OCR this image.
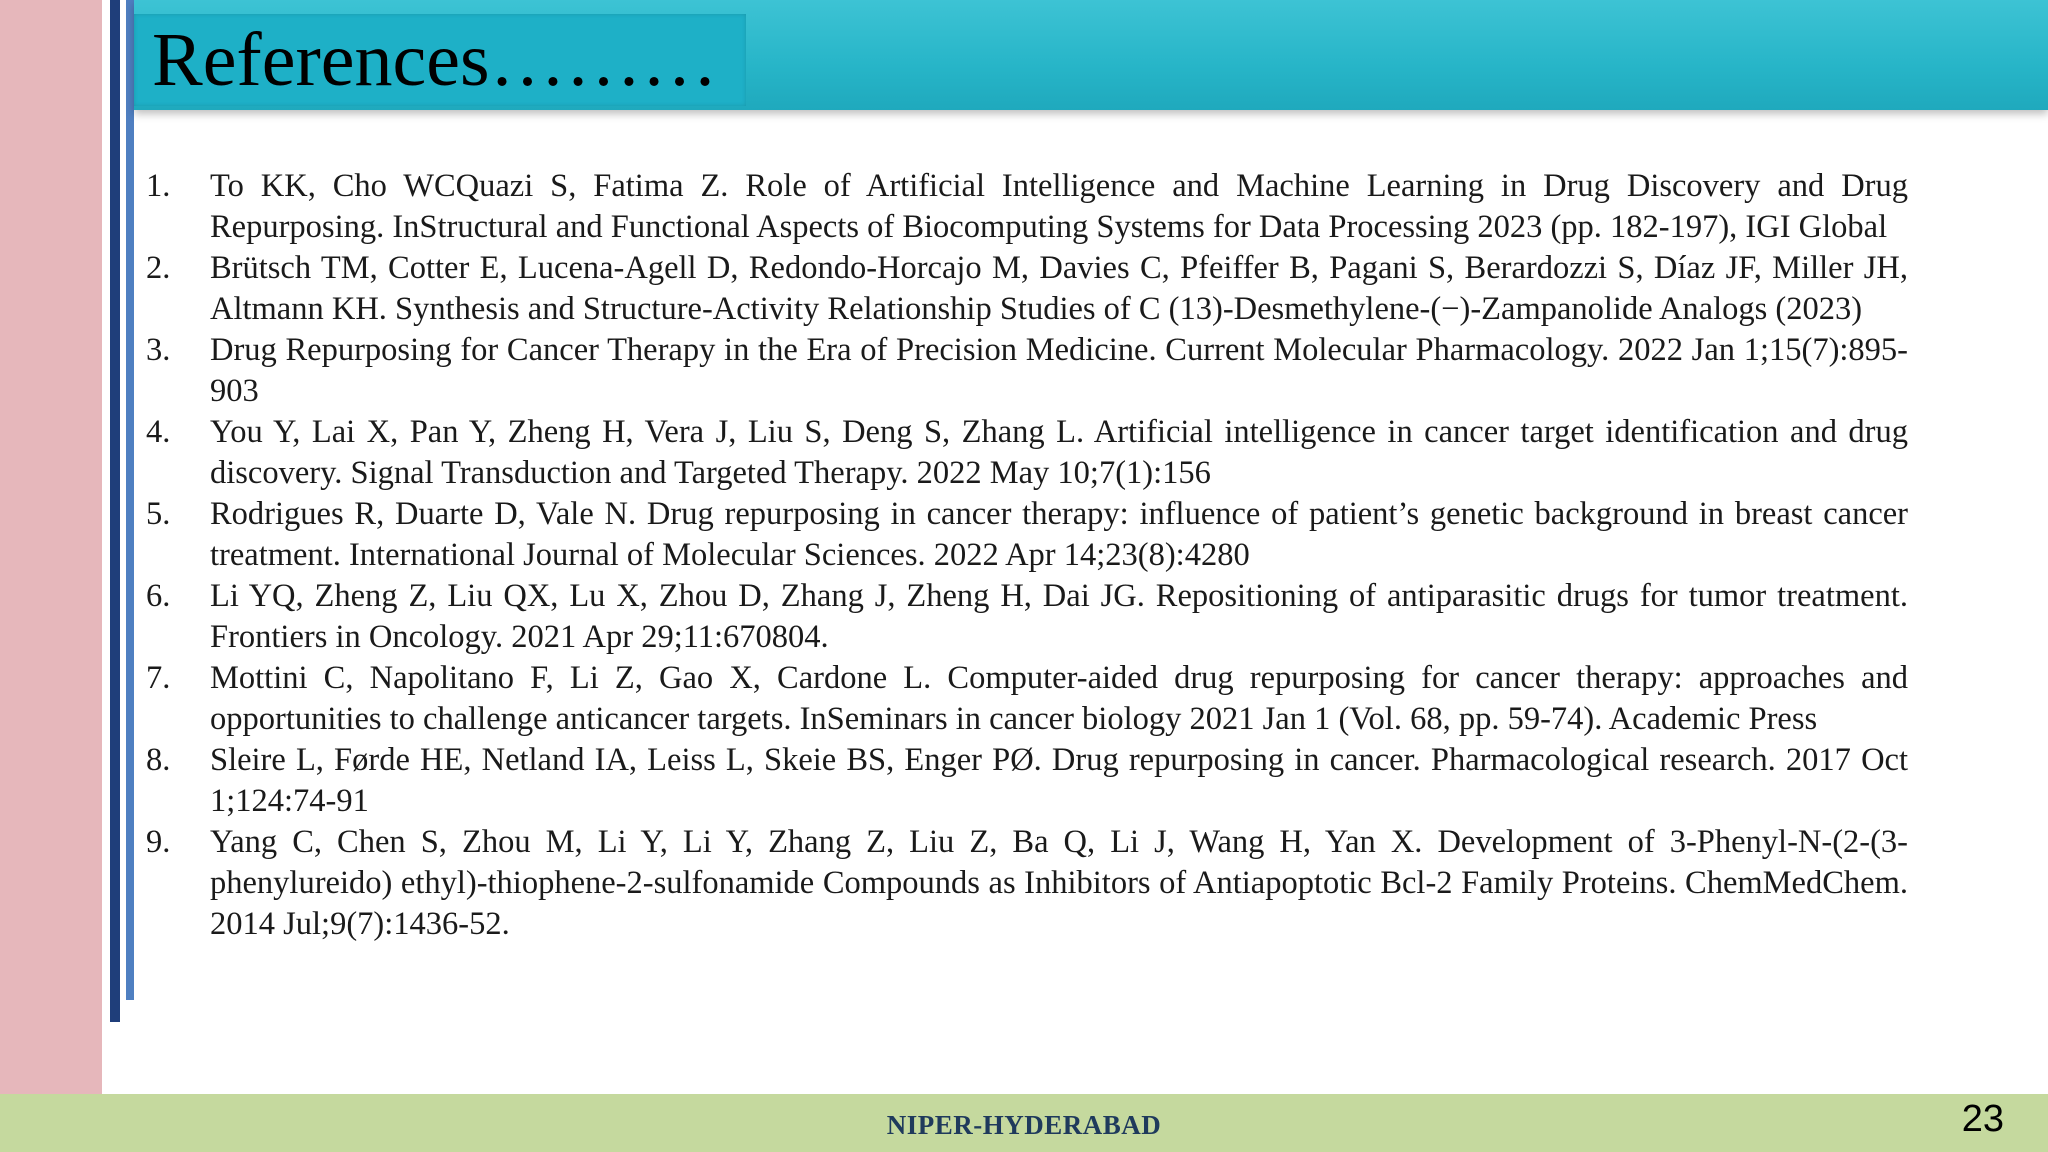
References………
1.	To KK, Cho WCQuazi S, Fatima Z. Role of Artificial Intelligence and Machine Learning in Drug Discovery and Drug Repurposing. InStructural and Functional Aspects of Biocomputing Systems for Data Processing 2023 (pp. 182-197), IGI Global
2.	Brütsch TM, Cotter E, Lucena-Agell D, Redondo-Horcajo M, Davies C, Pfeiffer B, Pagani S, Berardozzi S, Díaz JF, Miller JH, Altmann KH. Synthesis and Structure-Activity Relationship Studies of C (13)-Desmethylene-(−)-Zampanolide Analogs (2023)
3.	Drug Repurposing for Cancer Therapy in the Era of Precision Medicine. Current Molecular Pharmacology. 2022 Jan 1;15(7):895-903
4.	You Y, Lai X, Pan Y, Zheng H, Vera J, Liu S, Deng S, Zhang L. Artificial intelligence in cancer target identification and drug discovery. Signal Transduction and Targeted Therapy. 2022 May 10;7(1):156
5.	Rodrigues R, Duarte D, Vale N. Drug repurposing in cancer therapy: influence of patient’s genetic background in breast cancer treatment. International Journal of Molecular Sciences. 2022 Apr 14;23(8):4280
6.	Li YQ, Zheng Z, Liu QX, Lu X, Zhou D, Zhang J, Zheng H, Dai JG. Repositioning of antiparasitic drugs for tumor treatment. Frontiers in Oncology. 2021 Apr 29;11:670804.
7.	Mottini C, Napolitano F, Li Z, Gao X, Cardone L. Computer-aided drug repurposing for cancer therapy: approaches and opportunities to challenge anticancer targets. InSeminars in cancer biology 2021 Jan 1 (Vol. 68, pp. 59-74). Academic Press
8.	Sleire L, Førde HE, Netland IA, Leiss L, Skeie BS, Enger PØ. Drug repurposing in cancer. Pharmacological research. 2017 Oct 1;124:74-91
9.	Yang C, Chen S, Zhou M, Li Y, Li Y, Zhang Z, Liu Z, Ba Q, Li J, Wang H, Yan X. Development of 3-Phenyl-N-(2-(3-phenylureido) ethyl)-thiophene-2-sulfonamide Compounds as Inhibitors of Antiapoptotic Bcl-2 Family Proteins. ChemMedChem. 2014 Jul;9(7):1436-52.
NIPER-HYDERABAD	23
